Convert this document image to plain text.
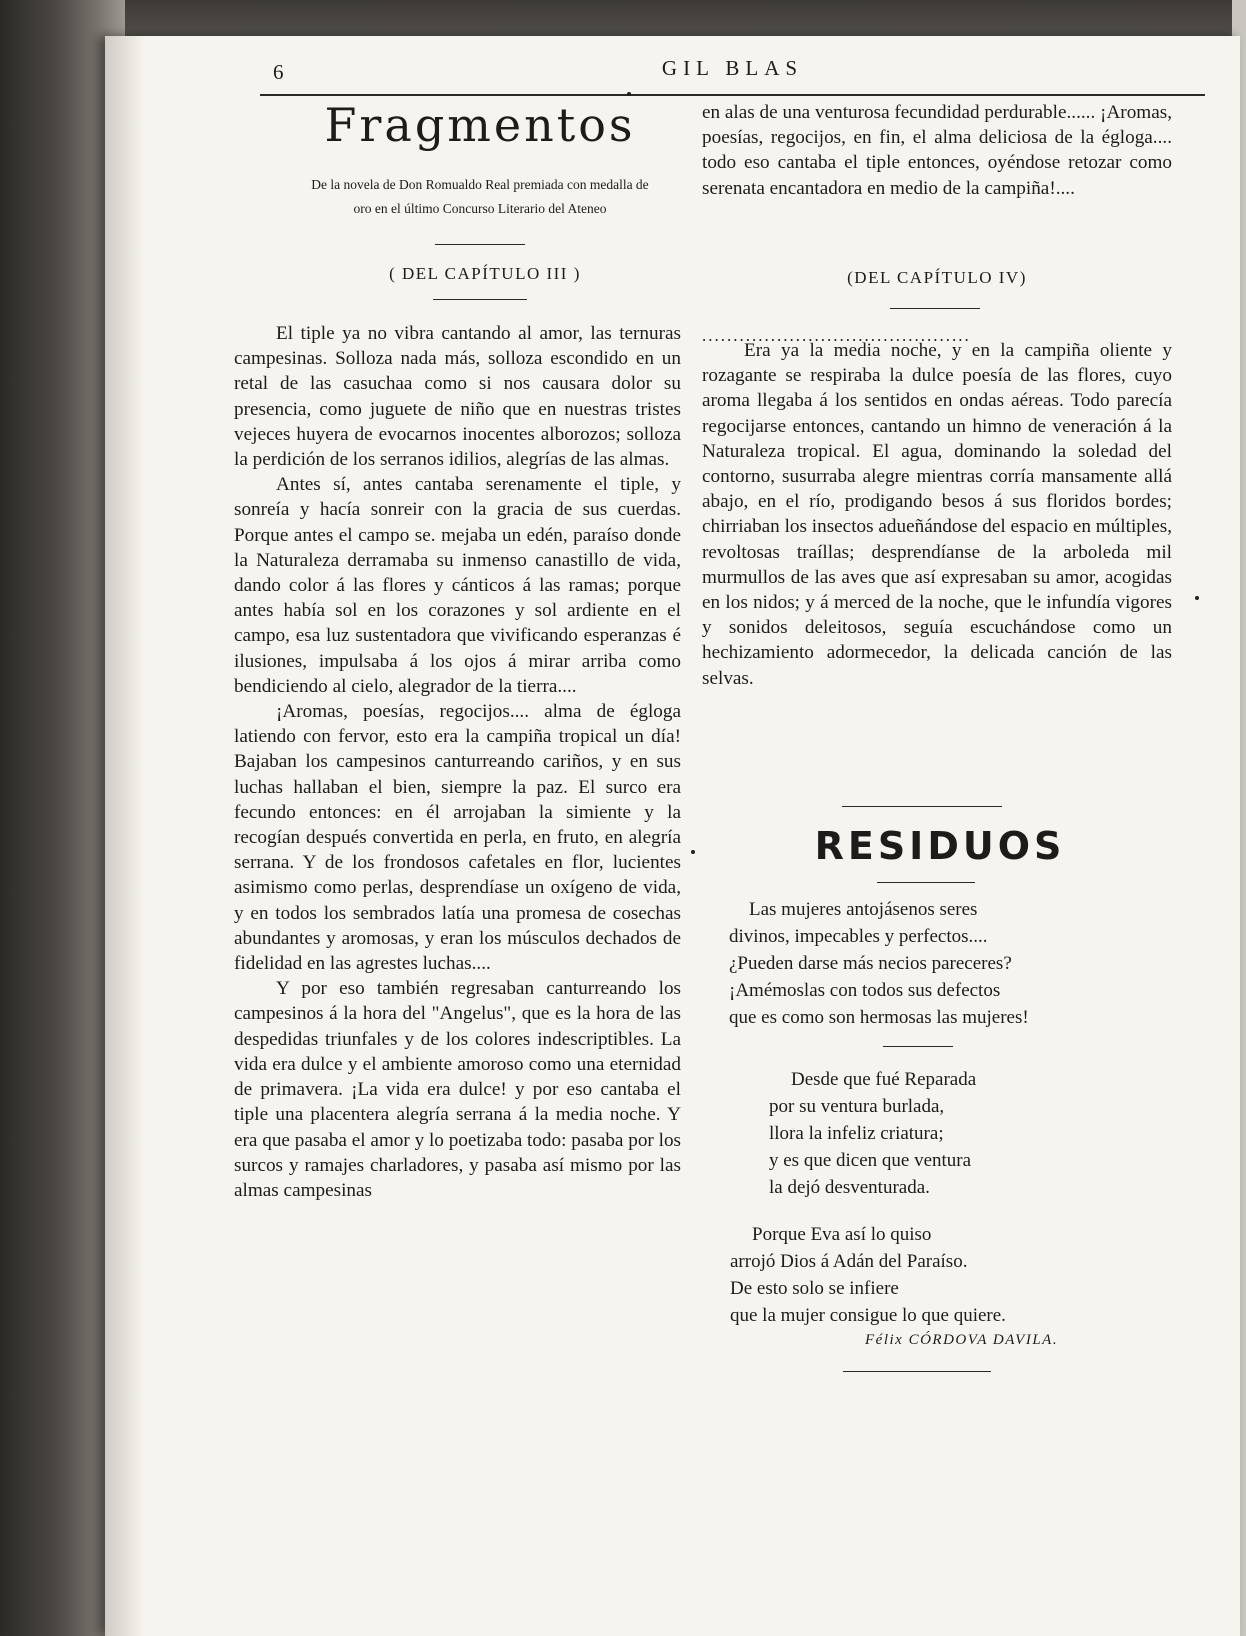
6	GIL BLAS
Fragmentos
De la novela de Don Romualdo Real premiada con medalla de
oro en el último Concurso Literario del Ateneo
( DEL CAPÍTULO III )

El tiple ya no vibra cantando al amor, las ternuras campesinas. Solloza nada más, solloza escondido en un retal de las casuchaa como si nos causara dolor su presencia, como juguete de niño que en nuestras tristes vejeces huyera de evocarnos inocentes alborozos; solloza la perdición de los serranos idilios, alegrías de las almas.

Antes sí, antes cantaba serenamente el tiple, y sonreía y hacía sonreir con la gracia de sus cuerdas. Porque antes el campo se. mejaba un edén, paraíso donde la Naturaleza derramaba su inmenso canastillo de vida, dando color á las flores y cánticos á las ramas; porque antes había sol en los corazones y sol ardiente en el campo, esa luz sustentadora que vivificando esperanzas é ilusiones, impulsaba á los ojos á mirar arriba como bendiciendo al cielo, alegrador de la tierra....

¡Aromas, poesías, regocijos.... alma de égloga latiendo con fervor, esto era la campiña tropical un día! Bajaban los campesinos canturreando cariños, y en sus luchas hallaban el bien, siempre la paz. El surco era fecundo entonces: en él arrojaban la simiente y la recogían después convertida en perla, en fruto, en alegría serrana. Y de los frondosos cafetales en flor, lucientes asimismo como perlas, desprendíase un oxígeno de vida, y en todos los sembrados latía una promesa de cosechas abundantes y aromosas, y eran los músculos dechados de fidelidad en las agrestes luchas....

Y por eso también regresaban canturreando los campesinos á la hora del "Angelus", que es la hora de las despedidas triunfales y de los colores indescriptibles. La vida era dulce y el ambiente amoroso como una eternidad de primavera. ¡La vida era dulce! y por eso cantaba el tiple una placentera alegría serrana á la media noche. Y era que pasaba el amor y lo poetizaba todo: pasaba por los surcos y ramajes charladores, y pasaba así mismo por las almas campesinas

en alas de una venturosa fecundidad perdurable...... ¡Aromas, poesías, regocijos, en fin, el alma deliciosa de la égloga.... todo eso cantaba el tiple entonces, oyéndose retozar como serenata encantadora en medio de la campiña!....
(DEL CAPÍTULO IV)
...........................................

Era ya la media noche, y en la campiña oliente y rozagante se respiraba la dulce poesía de las flores, cuyo aroma llegaba á los sentidos en ondas aéreas. Todo parecía regocijarse entonces, cantando un himno de veneración á la Naturaleza tropical. El agua, dominando la soledad del contorno, susurraba alegre mientras corría mansamente allá abajo, en el río, prodigando besos á sus floridos bordes; chirriaban los insectos adueñándose del espacio en múltiples, revoltosas traíllas; desprendíanse de la arboleda mil murmullos de las aves que así expresaban su amor, acogidas en los nidos; y á merced de la noche, que le infundía vigores y sonidos deleitosos, seguía escuchándose como un hechizamiento adormecedor, la delicada canción de las selvas.

RESIDUOS
Las mujeres antojásenos seres
divinos, impecables y perfectos....
¿Pueden darse más necios pareceres?
¡Amémoslas con todos sus defectos
que es como son hermosas las mujeres!
Desde que fué Reparada
por su ventura burlada,
llora la infeliz criatura;
y es que dicen que ventura
la dejó desventurada.
Porque Eva así lo quiso
arrojó Dios á Adán del Paraíso.
De esto solo se infiere
que la mujer consigue lo que quiere.
Félix CÓRDOVA DAVILA.
